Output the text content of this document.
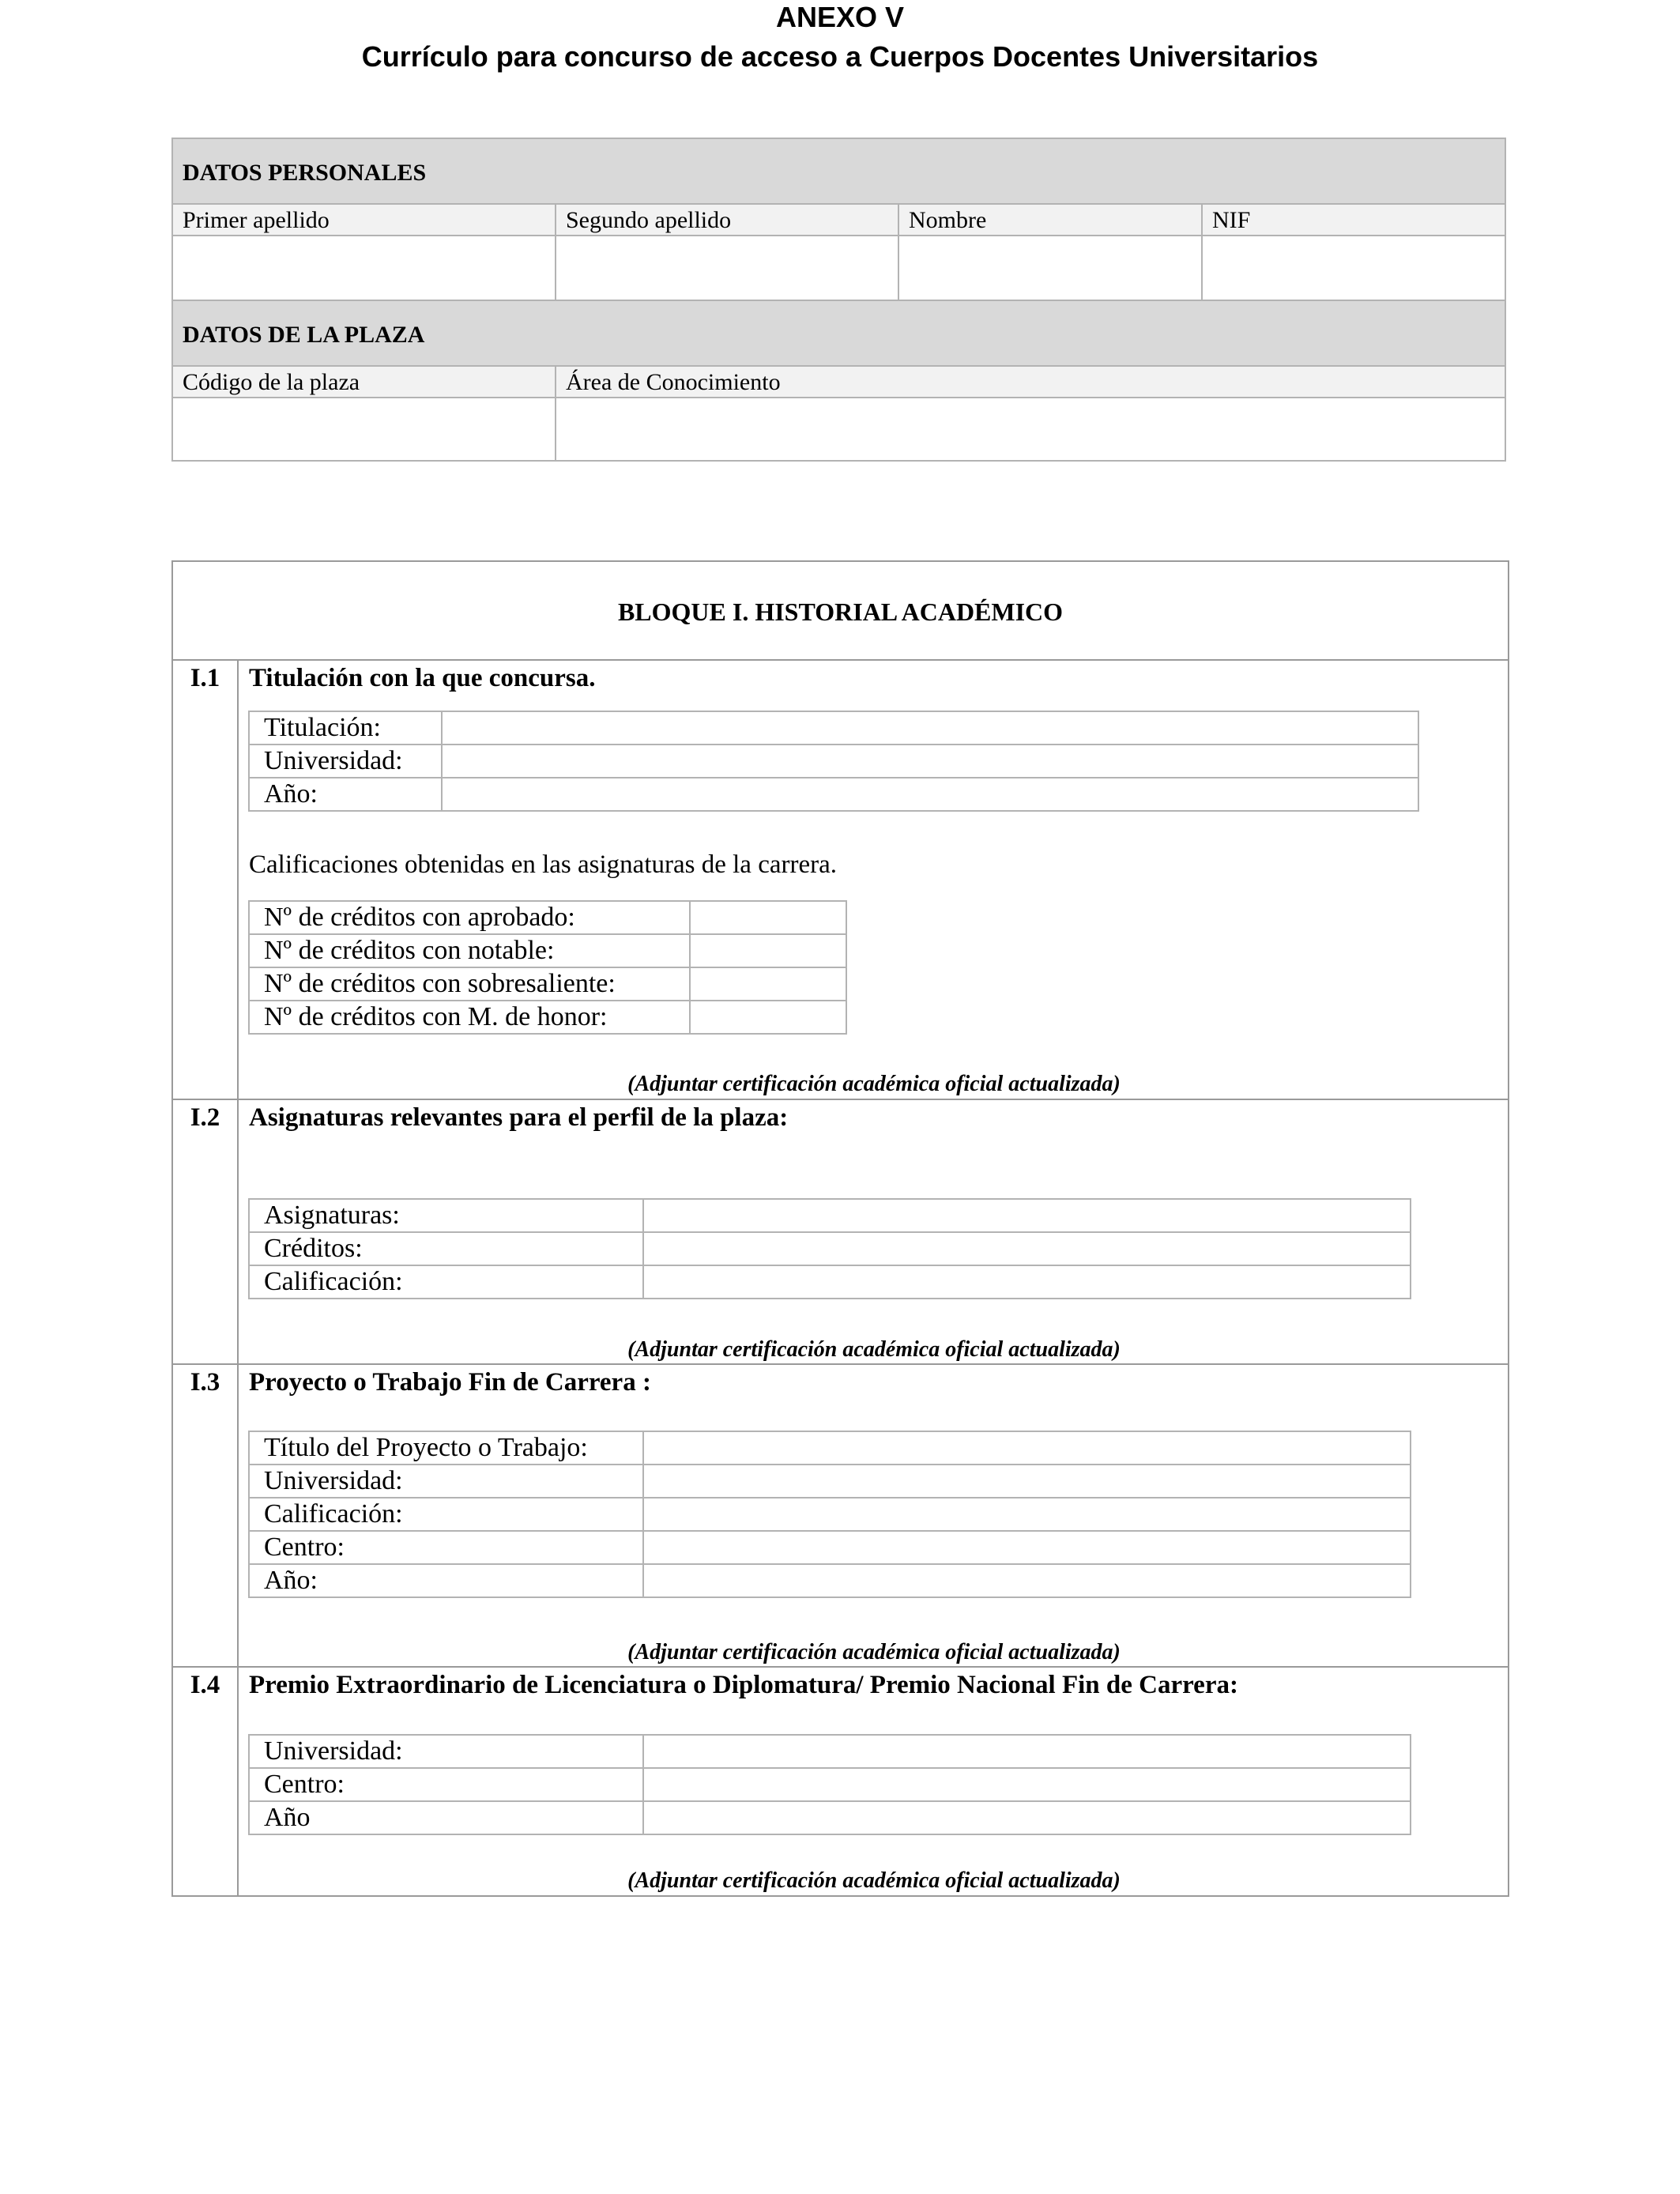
ANEXO V
Currículo para concurso de acceso a Cuerpos Docentes Universitarios
DATOS PERSONALES
Primer apellido	Segundo apellido	Nombre	NIF
DATOS DE LA PLAZA
Código de la plaza	Área de Conocimiento
BLOQUE I. HISTORIAL ACADÉMICO
I.1	Titulación con la que concursa.
Titulación:	
Universidad:	
Año:	
Calificaciones obtenidas en las asignaturas de la carrera.
Nº de créditos con aprobado:	
Nº de créditos con notable:	
Nº de créditos con sobresaliente:	
Nº de créditos con M. de honor:	
(Adjuntar certificación académica oficial actualizada)
I.2	Asignaturas relevantes para el perfil de la plaza:
Asignaturas:	
Créditos:	
Calificación:	
(Adjuntar certificación académica oficial actualizada)
I.3	Proyecto o Trabajo Fin de Carrera :
Título del Proyecto o Trabajo:	
Universidad:	
Calificación:	
Centro:	
Año:	
(Adjuntar certificación académica oficial actualizada)
I.4	Premio Extraordinario de Licenciatura o Diplomatura/ Premio Nacional Fin de Carrera:
Universidad:	
Centro:	
Año	
(Adjuntar certificación académica oficial actualizada)
